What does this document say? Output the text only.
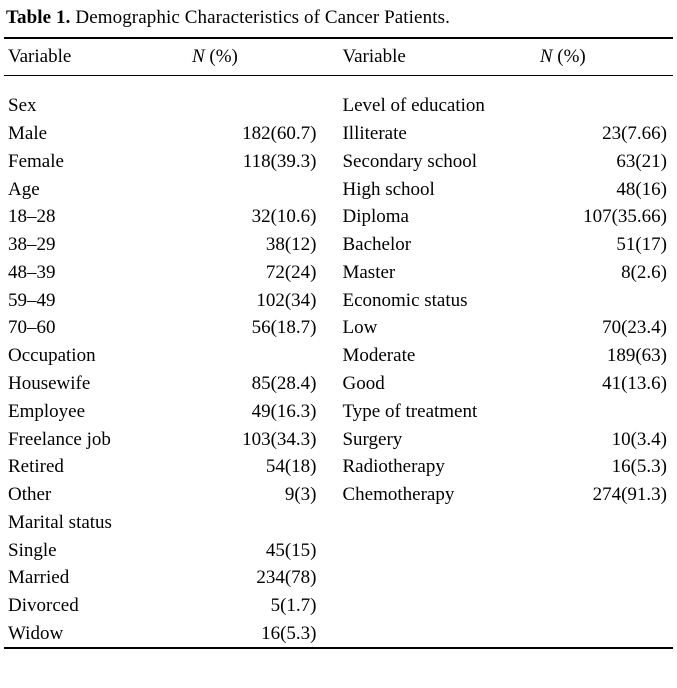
Table 1. Demographic Characteristics of Cancer Patients.
Variable	N (%)	Variable	N (%)

Sex		Level of education	
Male	182(60.7)	Illiterate	23(7.66)
Female	118(39.3)	Secondary school	63(21)
Age		High school	48(16)
18–28	32(10.6)	Diploma	107(35.66)
38–29	38(12)	Bachelor	51(17)
48–39	72(24)	Master	8(2.6)
59–49	102(34)	Economic status	
70–60	56(18.7)	Low	70(23.4)
Occupation		Moderate	189(63)
Housewife	85(28.4)	Good	41(13.6)
Employee	49(16.3)	Type of treatment	
Freelance job	103(34.3)	Surgery	10(3.4)
Retired	54(18)	Radiotherapy	16(5.3)
Other	9(3)	Chemotherapy	274(91.3)
Marital status			
Single	45(15)		
Married	234(78)		
Divorced	5(1.7)		
Widow	16(5.3)		
